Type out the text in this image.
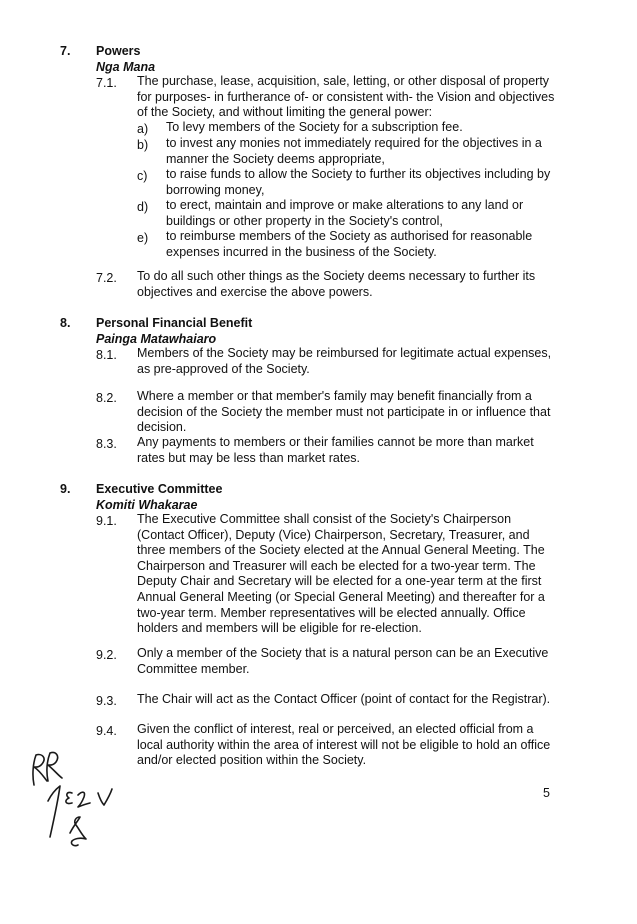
7. Powers
Nga Mana
7.1. The purchase, lease, acquisition, sale, letting, or other disposal of property for purposes- in furtherance of- or consistent with- the Vision and objectives of the Society, and without limiting the general power:
a) To levy members of the Society for a subscription fee.
b) to invest any monies not immediately required for the objectives in a manner the Society deems appropriate,
c) to raise funds to allow the Society to further its objectives including by borrowing money,
d) to erect, maintain and improve or make alterations to any land or buildings or other property in the Society's control,
e) to reimburse members of the Society as authorised for reasonable expenses incurred in the business of the Society.
7.2. To do all such other things as the Society deems necessary to further its objectives and exercise the above powers.
8. Personal Financial Benefit
Painga Matawhaiaro
8.1. Members of the Society may be reimbursed for legitimate actual expenses, as pre-approved of the Society.
8.2. Where a member or that member's family may benefit financially from a decision of the Society the member must not participate in or influence that decision.
8.3. Any payments to members or their families cannot be more than market rates but may be less than market rates.
9. Executive Committee
Komiti Whakarae
9.1. The Executive Committee shall consist of the Society's Chairperson (Contact Officer), Deputy (Vice) Chairperson, Secretary, Treasurer, and three members of the Society elected at the Annual General Meeting. The Chairperson and Treasurer will each be elected for a two-year term. The Deputy Chair and Secretary will be elected for a one-year term at the first Annual General Meeting (or Special General Meeting) and thereafter for a two-year term. Member representatives will be elected annually. Office holders and members will be eligible for re-election.
9.2. Only a member of the Society that is a natural person can be an Executive Committee member.
9.3. The Chair will act as the Contact Officer (point of contact for the Registrar).
9.4. Given the conflict of interest, real or perceived, an elected official from a local authority within the area of interest will not be eligible to hold an office and/or elected position within the Society.
5
